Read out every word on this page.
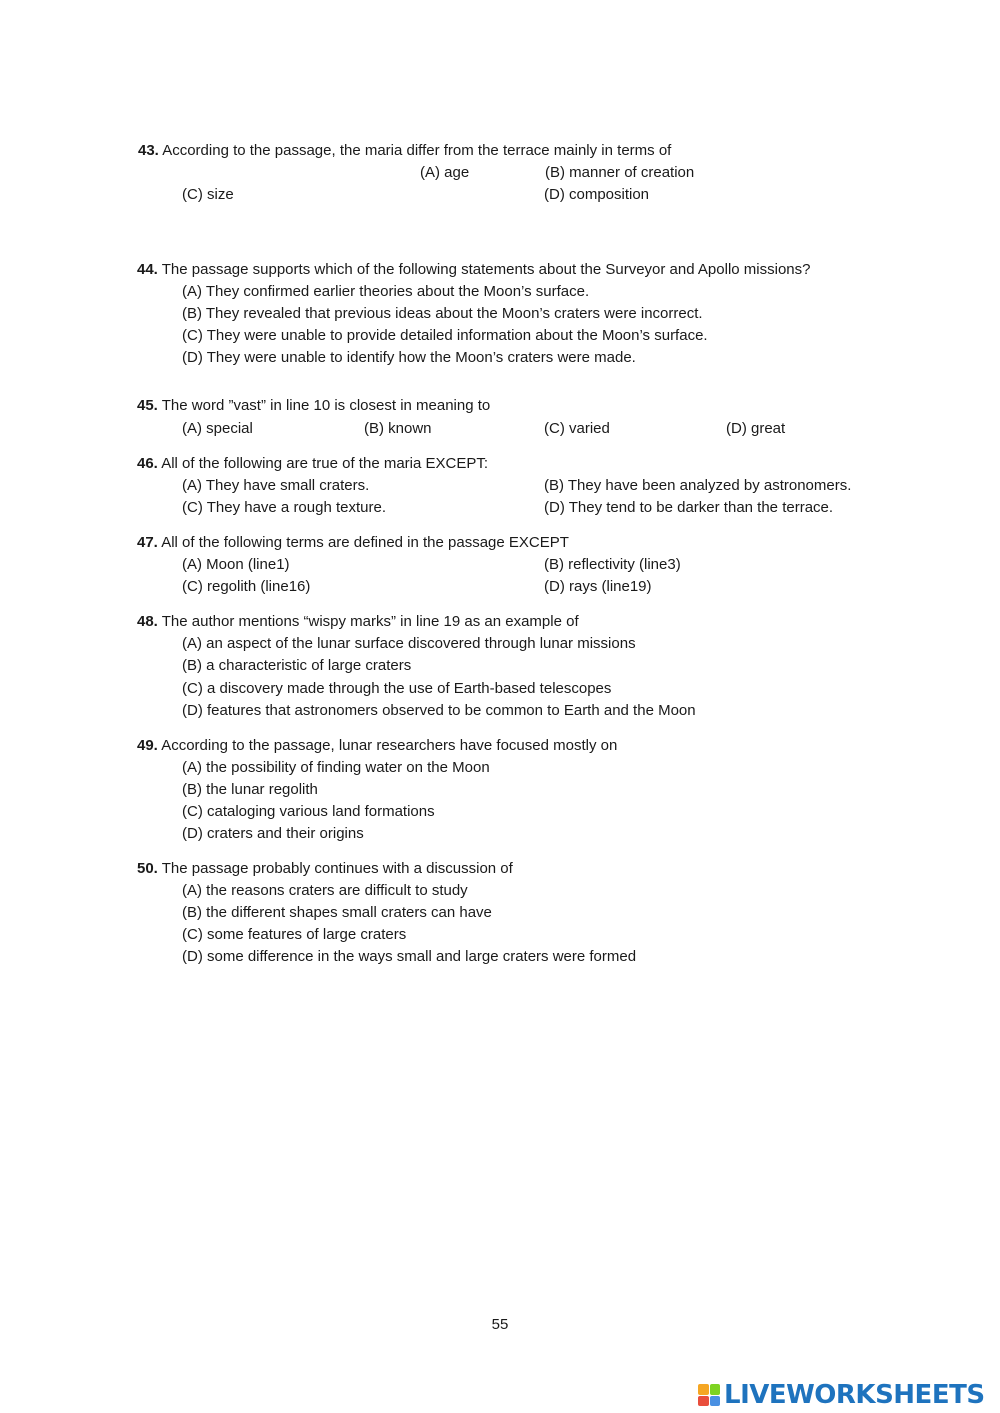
43. According to the passage, the maria differ from the terrace mainly in terms of
(A) age	(B) manner of creation
(C) size	(D) composition
44. The passage supports which of the following statements about the Surveyor and Apollo missions?
(A) They confirmed earlier theories about the Moon’s surface.
(B) They revealed that previous ideas about the Moon’s craters were incorrect.
(C) They were unable to provide detailed information about the Moon’s surface.
(D) They were unable to identify how the Moon’s craters were made.
45. The word ”vast” in line 10 is closest in meaning to
(A) special	(B) known	(C) varied	(D) great
46. All of the following are true of the maria EXCEPT:
(A) They have small craters.	(B) They have been analyzed by astronomers.
(C) They have a rough texture.	(D) They tend to be darker than the terrace.
47. All of the following terms are defined in the passage EXCEPT
(A) Moon (line1)	(B) reflectivity (line3)
(C) regolith (line16)	(D) rays (line19)
48. The author mentions “wispy marks” in line 19 as an example of
(A) an aspect of the lunar surface discovered through lunar missions
(B) a characteristic of large craters
(C) a discovery made through the use of Earth-based telescopes
(D) features that astronomers observed to be common to Earth and the Moon
49. According to the passage, lunar researchers have focused mostly on
(A) the possibility of finding water on the Moon
(B) the lunar regolith
(C) cataloging various land formations
(D) craters and their origins
50. The passage probably continues with a discussion of
(A) the reasons craters are difficult to study
(B) the different shapes small craters can have
(C) some features of large craters
(D) some difference in the ways small and large craters were formed
55
LIVEWORKSHEETS
